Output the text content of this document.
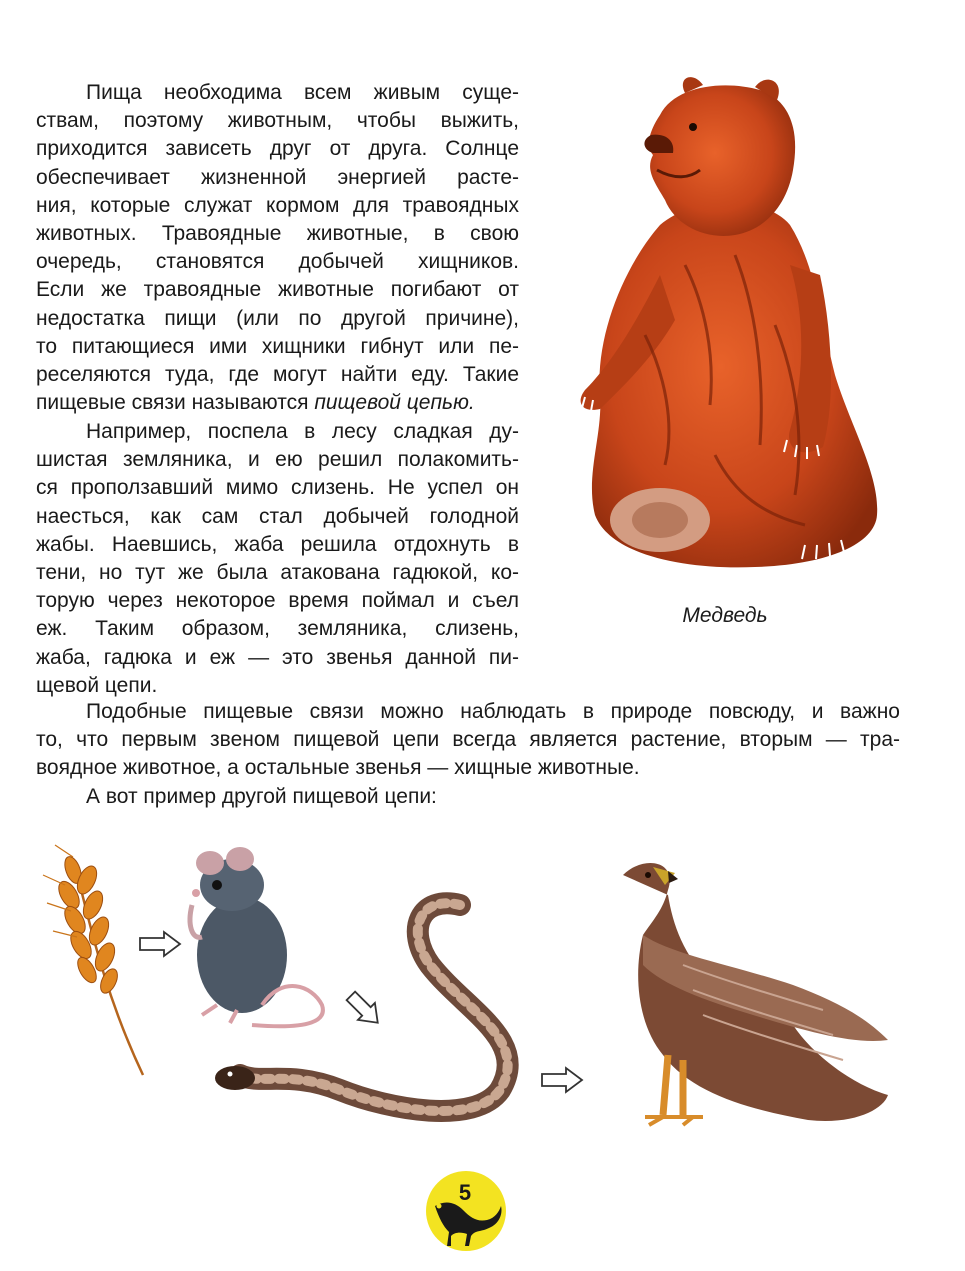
Пища необходима всем живым суще-
ствам, поэтому животным, чтобы выжить,
приходится зависеть друг от друга. Солнце
обеспечивает жизненной энергией расте-
ния, которые служат кормом для травоядных
животных. Травоядные животные, в свою
очередь, становятся добычей хищников.
Если же травоядные животные погибают от
недостатка пищи (или по другой причине),
то питающиеся ими хищники гибнут или пе-
реселяются туда, где могут найти еду. Такие
пищевые связи называются пищевой цепью.
Например, поспела в лесу сладкая ду-
шистая земляника, и ею решил полакомить-
ся проползавший мимо слизень. Не успел он
наесться, как сам стал добычей голодной
жабы. Наевшись, жаба решила отдохнуть в
тени, но тут же была атакована гадюкой, ко-
торую через некоторое время поймал и съел
еж. Таким образом, земляника, слизень,
жаба, гадюка и еж — это звенья данной пи-
щевой цепи.
Подобные пищевые связи можно наблюдать в природе повсюду, и важно
то, что первым звеном пищевой цепи всегда является растение, вторым — тра-
воядное животное, а остальные звенья — хищные животные.
А вот пример другой пищевой цепи:
Медведь
5
